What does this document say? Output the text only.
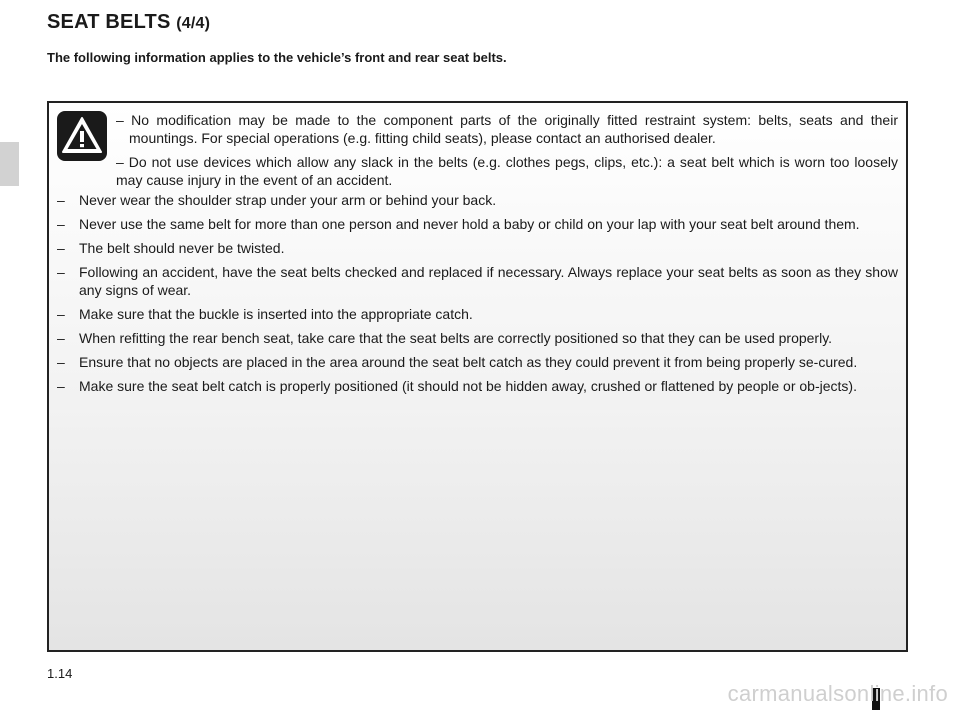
SEAT BELTS (4/4)

The following information applies to the vehicle’s front and rear seat belts.

– No modification may be made to the component parts of the originally fitted restraint system: belts, seats and their mountings. For special operations (e.g. fitting child seats), please contact an authorised dealer.
– Do not use devices which allow any slack in the belts (e.g. clothes pegs, clips, etc.): a seat belt which is worn too loosely may cause injury in the event of an accident.
– Never wear the shoulder strap under your arm or behind your back.
– Never use the same belt for more than one person and never hold a baby or child on your lap with your seat belt around them.
– The belt should never be twisted.
– Following an accident, have the seat belts checked and replaced if necessary. Always replace your seat belts as soon as they show any signs of wear.
– Make sure that the buckle is inserted into the appropriate catch.
– When refitting the rear bench seat, take care that the seat belts are correctly positioned so that they can be used properly.
– Ensure that no objects are placed in the area around the seat belt catch as they could prevent it from being properly se-cured.
– Make sure the seat belt catch is properly positioned (it should not be hidden away, crushed or flattened by people or ob-jects).

1.14

carmanualsonline.info
